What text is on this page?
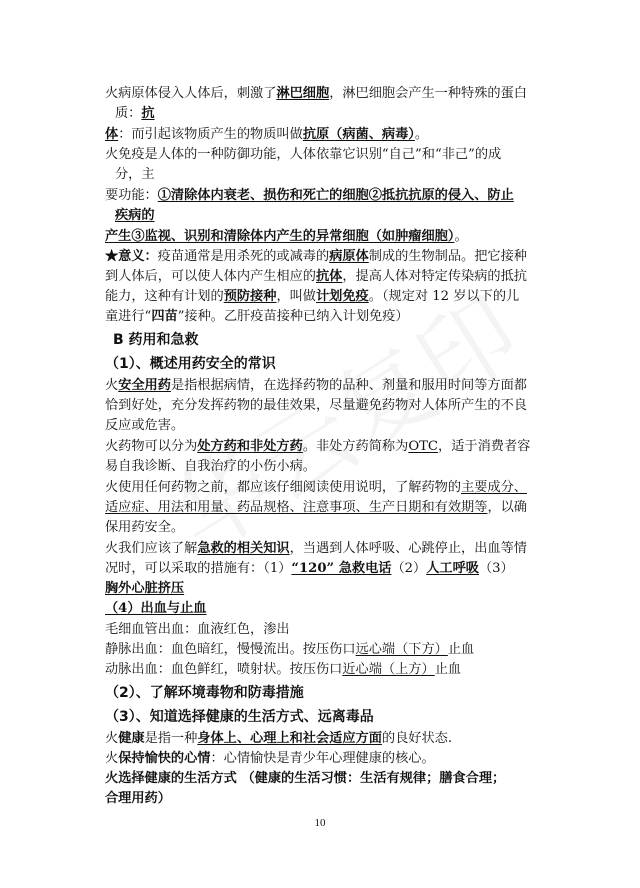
火病原体侵入人体后，刺激了淋巴细胞，淋巴细胞会产生一种特殊的蛋白

质：抗

体：而引起该物质产生的物质叫做抗原（病菌、病毒）。

火免疫是人体的一种防御功能，人体依靠它识别“自己”和“非己”的成

分，主

要功能：①清除体内衰老、损伤和死亡的细胞②抵抗抗原的侵入、防止

疾病的

产生③监视、识别和清除体内产生的异常细胞（如肿瘤细胞）。

★意义：疫苗通常是用杀死的或减毒的病原体制成的生物制品。把它接种

到人体后，可以使人体内产生相应的抗体，提高人体对特定传染病的抵抗

能力，这种有计划的预防接种，叫做计划免疫。（规定对 12 岁以下的儿

童进行“四苗”接种。乙肝疫苗接种已纳入计划免疫）

B 药用和急救

（1）、概述用药安全的常识

火安全用药是指根据病情，在选择药物的品种、剂量和服用时间等方面都

恰到好处，充分发挥药物的最佳效果，尽量避免药物对人体所产生的不良

反应或危害。

火药物可以分为处方药和非处方药。非处方药简称为OTC，适于消费者容

易自我诊断、自我治疗的小伤小病。

火使用任何药物之前，都应该仔细阅读使用说明，了解药物的主要成分、

适应症、用法和用量、药品规格、注意事项、生产日期和有效期等，以确

保用药安全。

火我们应该了解急救的相关知识，当遇到人体呼吸、心跳停止，出血等情

况时，可以采取的措施有：（1）“120” 急救电话（2）人工呼吸（3）

胸外心脏挤压

（4）出血与止血

毛细血管出血：血液红色，渗出

静脉出血：血色暗红，慢慢流出。按压伤口远心端（下方）止血

动脉出血：血色鲜红，喷射状。按压伤口近心端（上方）止血

（2）、了解环境毒物和防毒措施

（3）、知道选择健康的生活方式、远离毒品

火健康是指一种身体上、心理上和社会适应方面的良好状态.

火保持愉快的心情：心情愉快是青少年心理健康的核心。

火选择健康的生活方式 （健康的生活习惯：生活有规律；膳食合理；

合理用药）

10
